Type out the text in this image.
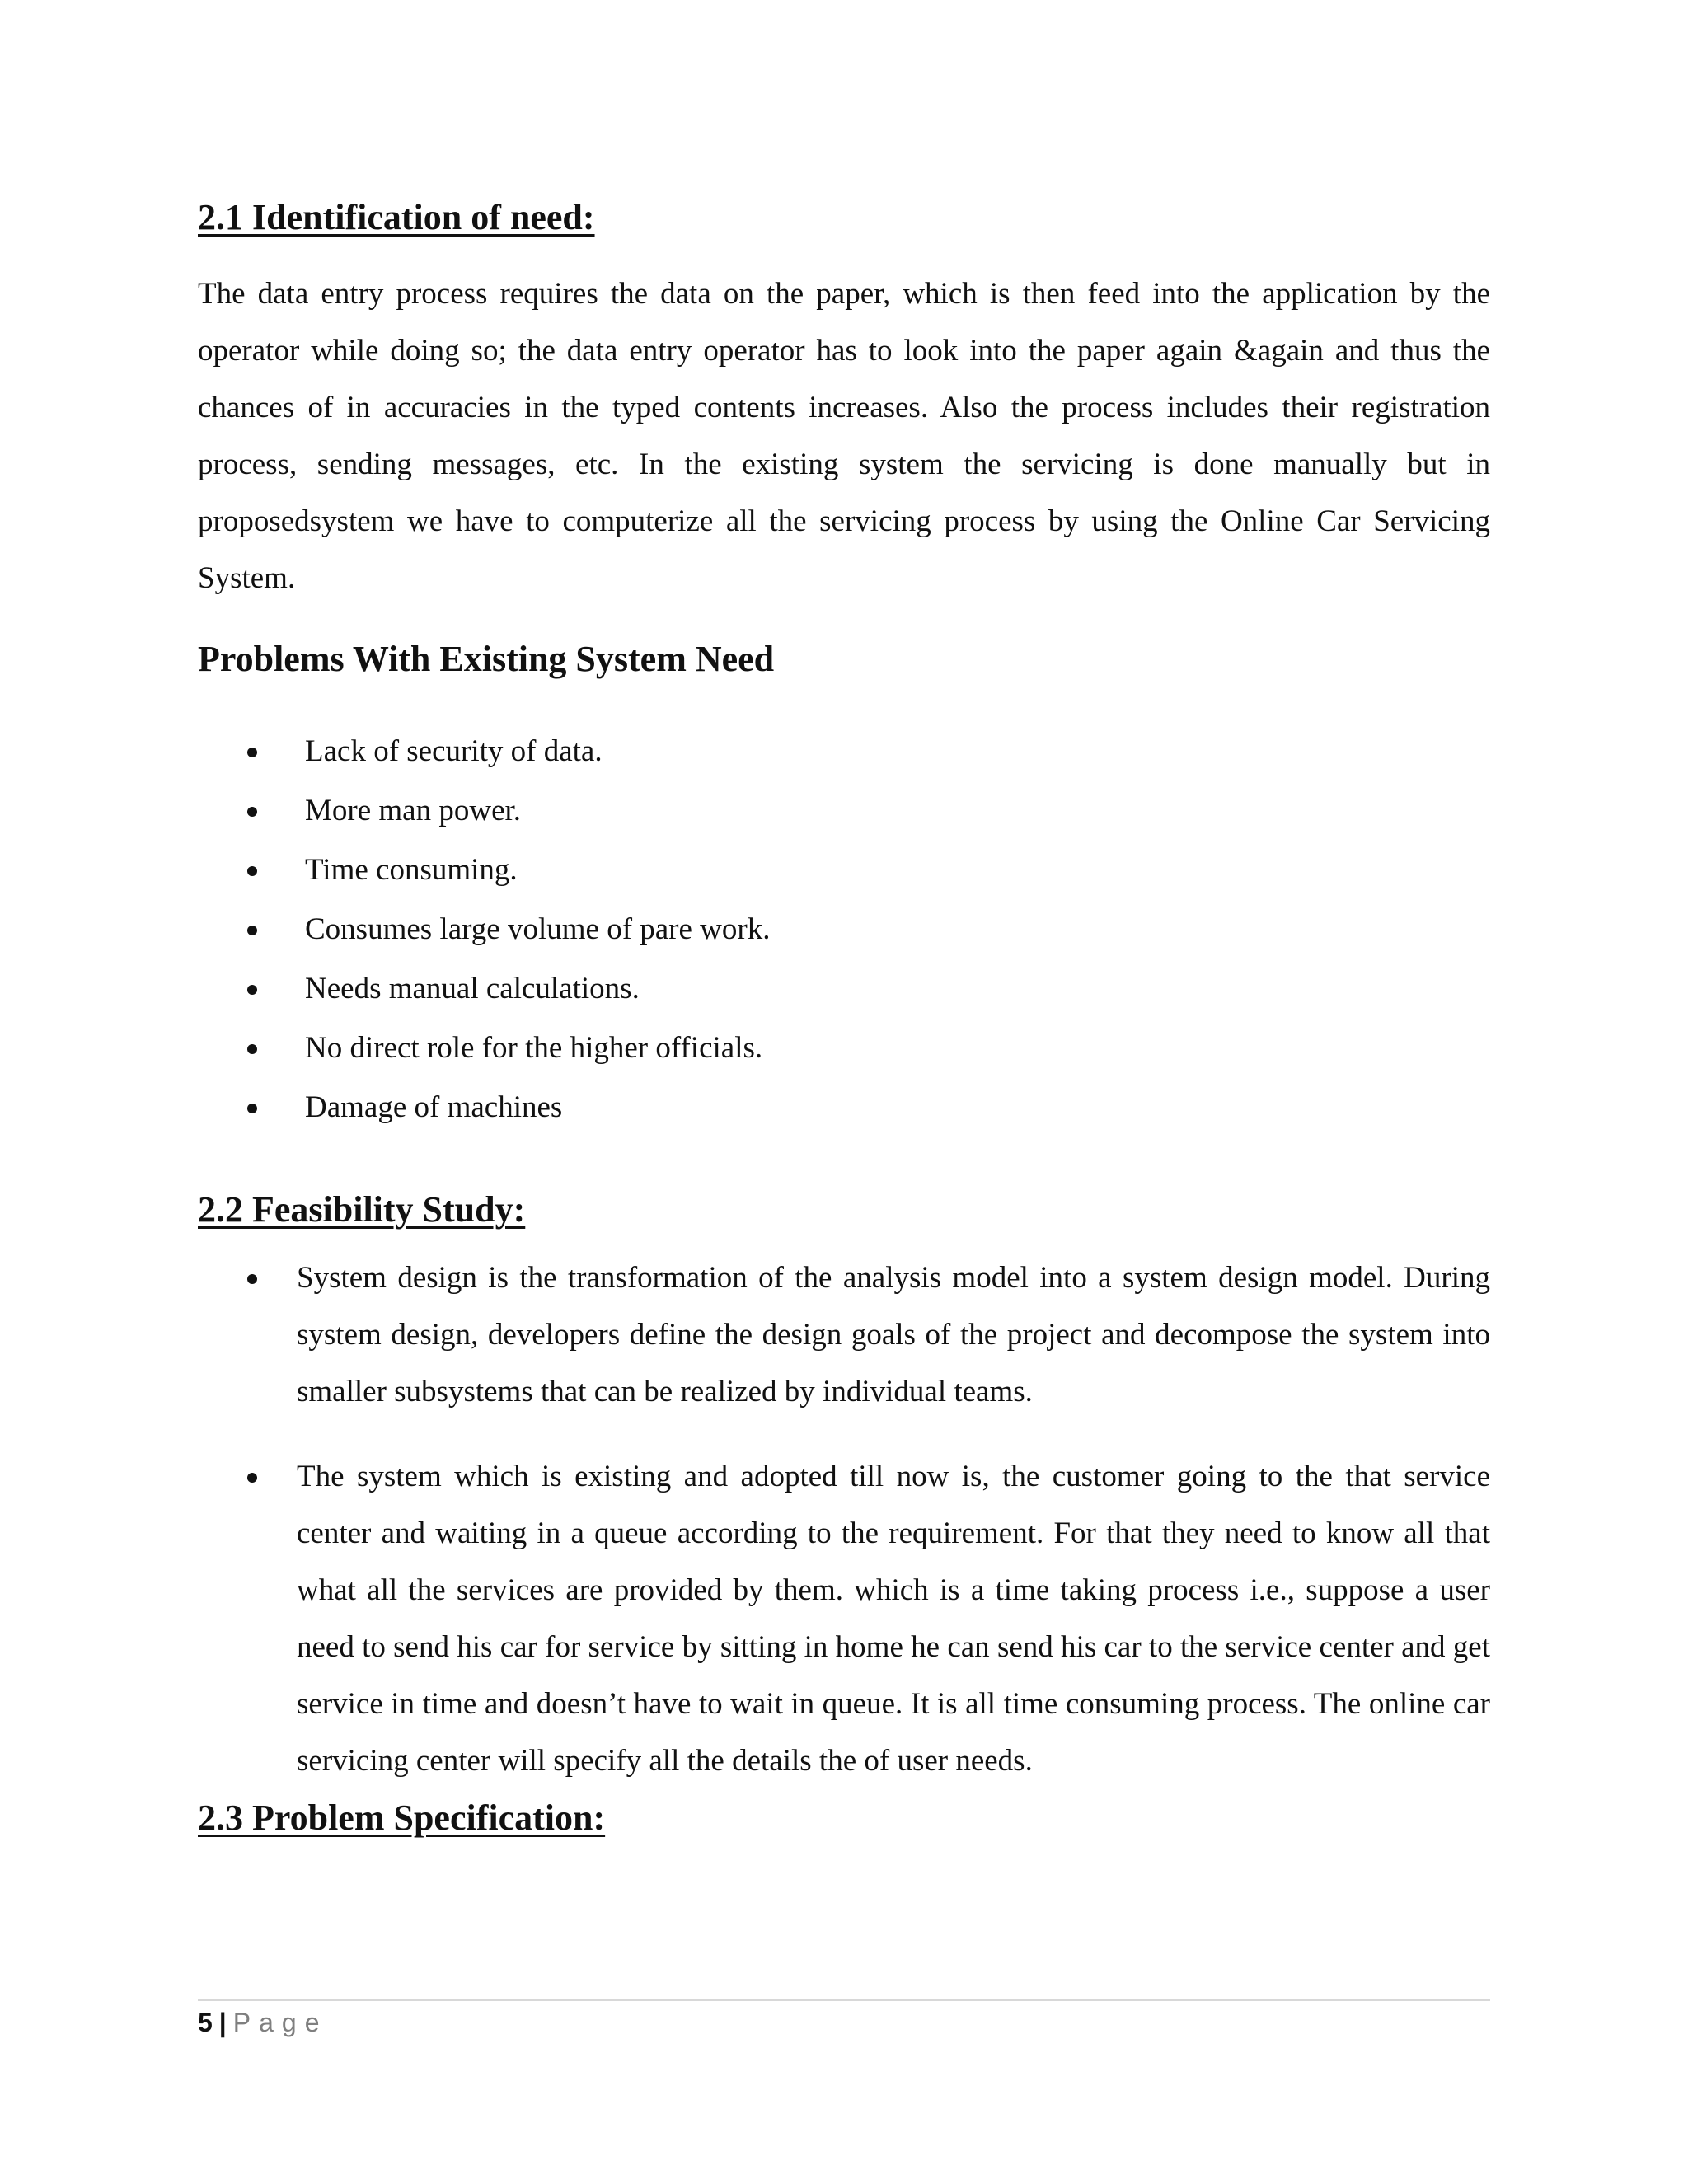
2.1 Identification of need:

The data entry process requires the data on the paper, which is then feed into the application by the operator while doing so; the data entry operator has to look into the paper again &again and thus the chances of in accuracies in the typed contents increases. Also the process includes their registration process, sending messages, etc. In the existing system the servicing is done manually but in proposedsystem we have to computerize all the servicing process by using the Online Car Servicing System.

Problems With Existing System Need
Lack of security of data.
More man power.
Time consuming.
Consumes large volume of pare work.
Needs manual calculations.
No direct role for the higher officials.
Damage of machines
2.2 Feasibility Study:

System design is the transformation of the analysis model into a system design model. During system design, developers define the design goals of the project and decompose the system into smaller subsystems that can be realized by individual teams.

The system which is existing and adopted till now is, the customer going to the that service center and waiting in a queue according to the requirement. For that they need to know all that what all the services are provided by them. which is a time taking process i.e., suppose a user need to send his car for service by sitting in home he can send his car to the service center and get service in time and doesn’t have to wait in queue. It is all time consuming process. The online car servicing center will specify all the details the of user needs.

2.3 Problem Specification:
5 | Page
